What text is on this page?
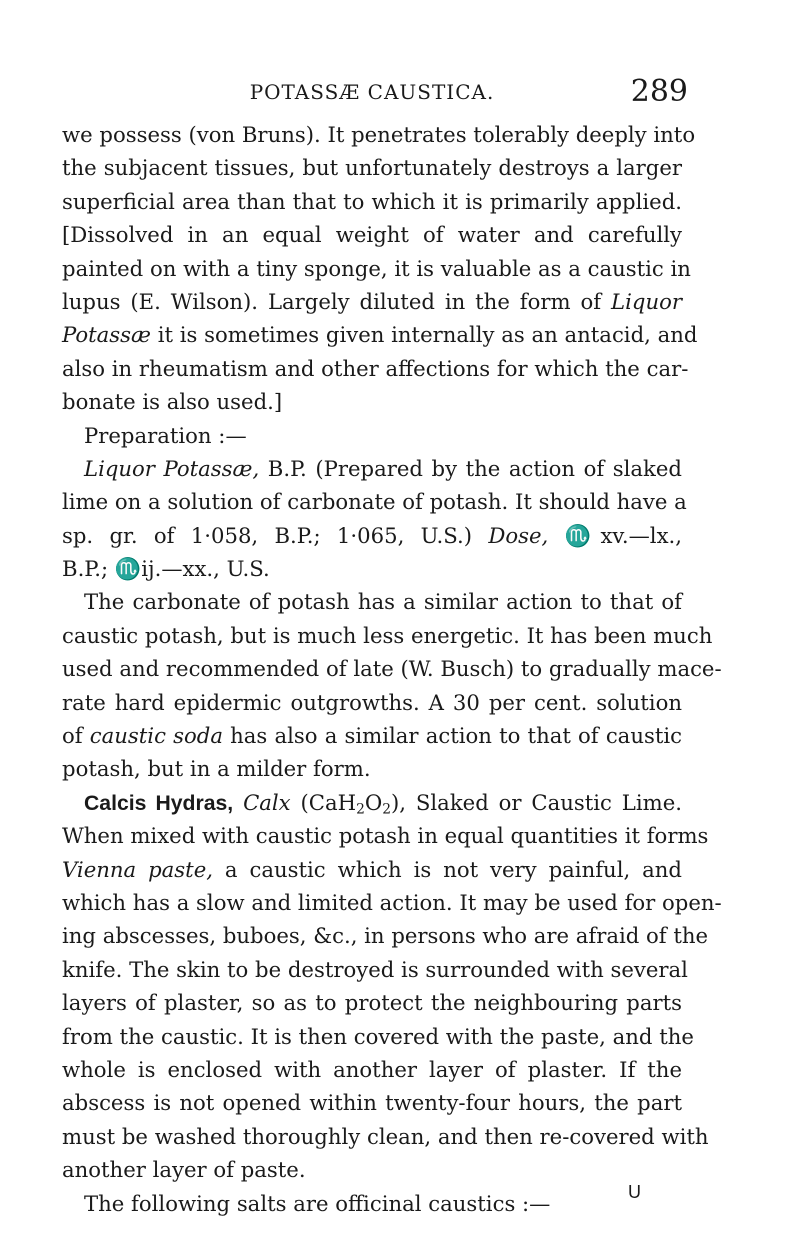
POTASSÆ CAUSTICA.	289
we possess (von Bruns). It penetrates tolerably deeply into
the subjacent tissues, but unfortunately destroys a larger
superficial area than that to which it is primarily applied.
[Dissolved in an equal weight of water and carefully
painted on with a tiny sponge, it is valuable as a caustic in
lupus (E. Wilson). Largely diluted in the form of Liquor
Potassæ it is sometimes given internally as an antacid, and
also in rheumatism and other affections for which the car-
bonate is also used.]
Preparation :—
Liquor Potassæ, B.P. (Prepared by the action of slaked
lime on a solution of carbonate of potash. It should have a
sp. gr. of 1·058, B.P.; 1·065, U.S.) Dose, ♏xv.—lx.,
B.P.; ♏ij.—xx., U.S.
The carbonate of potash has a similar action to that of
caustic potash, but is much less energetic. It has been much
used and recommended of late (W. Busch) to gradually mace-
rate hard epidermic outgrowths. A 30 per cent. solution
of caustic soda has also a similar action to that of caustic
potash, but in a milder form.
Calcis Hydras, Calx $(CaH_2O_2)$, Slaked or Caustic Lime.
When mixed with caustic potash in equal quantities it forms
Vienna paste, a caustic which is not very painful, and
which has a slow and limited action. It may be used for open-
ing abscesses, buboes, &c., in persons who are afraid of the
knife. The skin to be destroyed is surrounded with several
layers of plaster, so as to protect the neighbouring parts
from the caustic. It is then covered with the paste, and the
whole is enclosed with another layer of plaster. If the
abscess is not opened within twenty-four hours, the part
must be washed thoroughly clean, and then re-covered with
another layer of paste.
The following salts are officinal caustics :—	U
